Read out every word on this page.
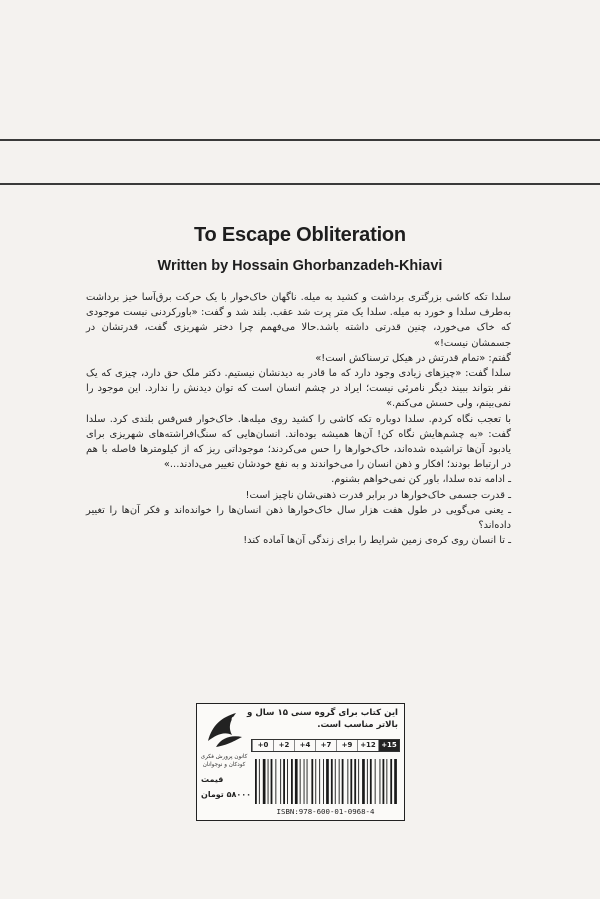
To Escape Obliteration
Written by Hossain Ghorbanzadeh-Khiavi

سلدا تکه کاشی بزرگتری برداشت و کشید به میله. ناگهان خاک‌خوار با یک حرکت برق‌آسا خیز برداشت به‌طرف سلدا و خورد به میله. سلدا یک متر پرت شد عقب. بلند شد و گفت: «باورکردنی نیست موجودی که خاک می‌خورد، چنین قدرتی داشته باشد.حالا می‌فهمم چرا دختر شهریزی گفت، قدرتشان در جسمشان نیست!»

گفتم: «تمام قدرتش در هیکل ترسناکش است!»

سلدا گفت: «چیزهای زیادی وجود دارد که ما قادر به دیدنشان نیستیم. دکتر ملک حق دارد، چیزی که یک نفر بتواند ببیند دیگر نامرئی نیست؛ ایراد در چشم انسان است که توان دیدنش را ندارد. این موجود را نمی‌بینم، ولی حسش می‌کنم.»

با تعجب نگاه کردم. سلدا دوباره تکه کاشی را کشید روی میله‌ها. خاک‌خوار فس‌فس بلندی کرد. سلدا گفت: «به چشم‌هایش نگاه کن! آن‌ها همیشه بوده‌اند. انسان‌هایی که سنگ‌افراشته‌های شهریزی برای یادبود آن‌ها تراشیده شده‌اند، خاک‌خوارها را حس می‌کردند؛ موجوداتی ریز که از کیلومترها فاصله با هم در ارتباط بودند؛ افکار و ذهن انسان را می‌خواندند و به نفع خودشان تغییر می‌دادند...»

ـ ادامه نده سلدا، باور کن نمی‌خواهم بشنوم.

ـ قدرت جسمی خاک‌خوارها در برابر قدرت ذهنی‌شان ناچیز است!

ـ یعنی می‌گویی در طول هفت هزار سال خاک‌خوارها ذهن انسان‌ها را خوانده‌اند و فکر آن‌ها را تغییر داده‌اند؟

ـ تا انسان روی کره‌ی زمین شرایط را برای زندگی آن‌ها آماده کند!

این کتاب برای گروه سنی ۱۵ سال و بالاتر مناسب است.
کانون پرورش فکری کودکان و نوجوانان
+15
+12
+9
+7
+4
+2
+0
قیمت
۵۸۰۰۰ تومان
ISBN:978-600-01-0968-4
